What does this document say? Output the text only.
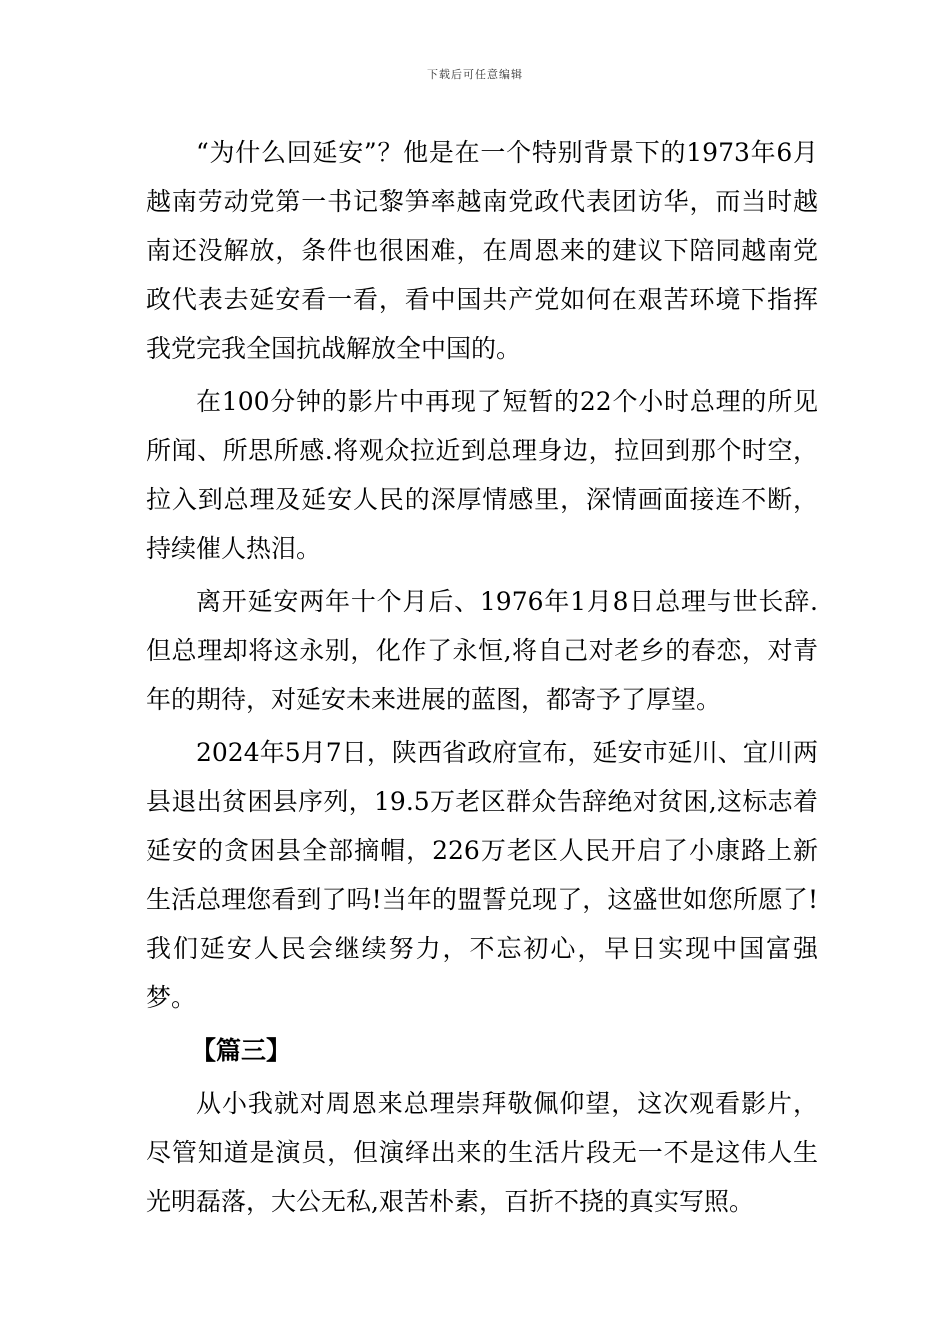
下载后可任意编辑

“为什么回延安”？他是在一个特别背景下的1973年6月越南劳动党第一书记黎笋率越南党政代表团访华，而当时越南还没解放，条件也很困难，在周恩来的建议下陪同越南党政代表去延安看一看，看中国共产党如何在艰苦环境下指挥我党完我全国抗战解放全中国的。

在100分钟的影片中再现了短暂的22个小时总理的所见所闻、所思所感.将观众拉近到总理身边，拉回到那个时空，拉入到总理及延安人民的深厚情感里，深情画面接连不断，持续催人热泪。

离开延安两年十个月后、1976年1月8日总理与世长辞.但总理却将这永别，化作了永恒,将自己对老乡的春恋，对青年的期待，对延安未来进展的蓝图，都寄予了厚望。

2024年5月7日，陕西省政府宣布，延安市延川、宜川两县退出贫困县序列，19.5万老区群众告辞绝对贫困,这标志着延安的贪困县全部摘帽，226万老区人民开启了小康路上新生活总理您看到了吗!当年的盟誓兑现了，这盛世如您所愿了!我们延安人民会继续努力，不忘初心，早日实现中国富强梦。

【篇三】

从小我就对周恩来总理崇拜敬佩仰望，这次观看影片，尽管知道是演员，但演绎出来的生活片段无一不是这伟人生光明磊落，大公无私,艰苦朴素，百折不挠的真实写照。
